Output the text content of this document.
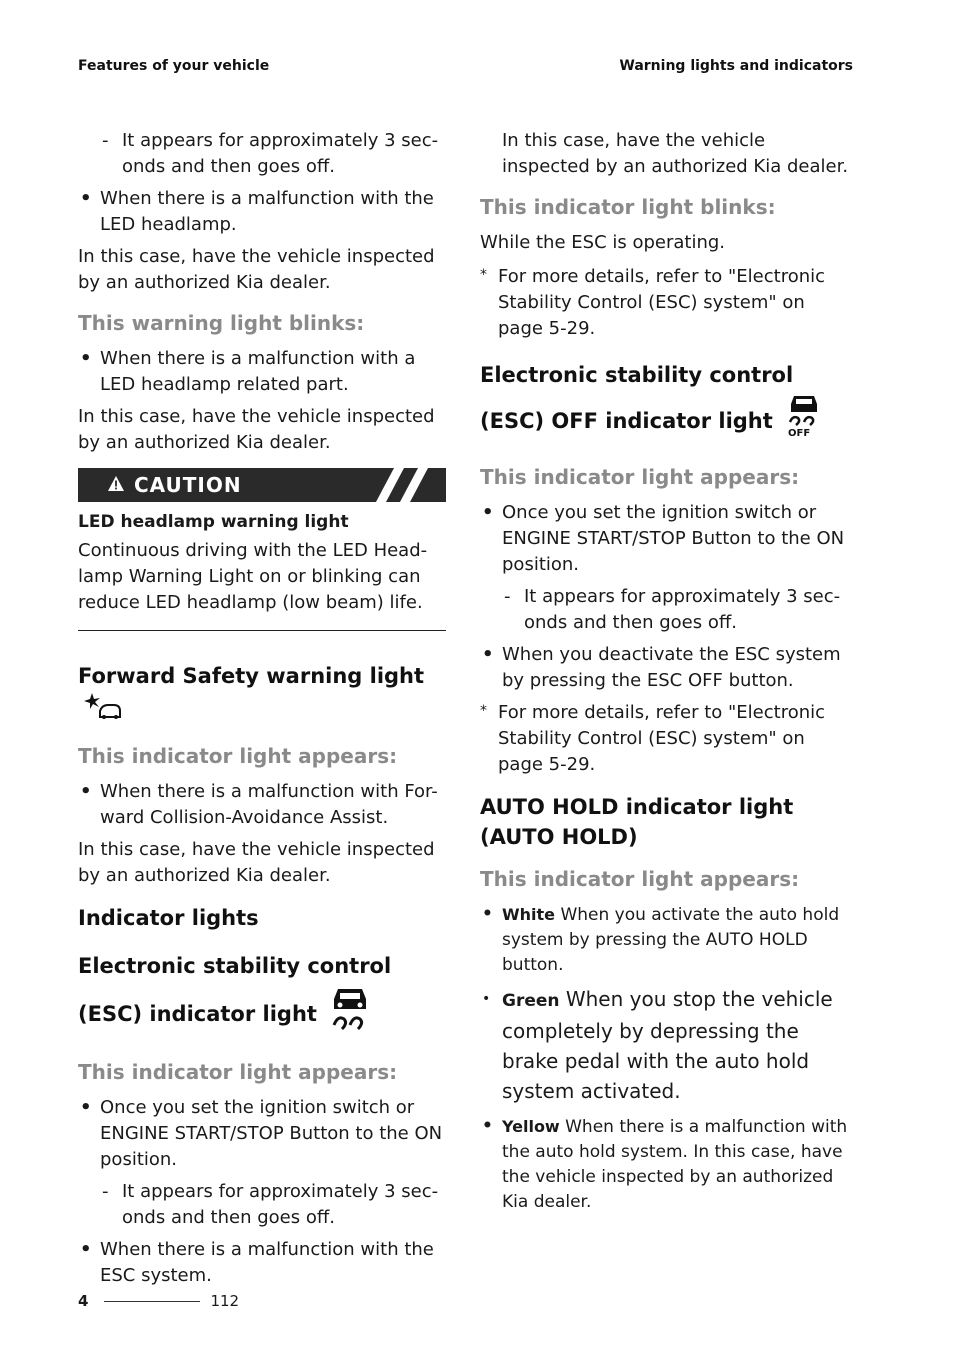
Features of your vehicle	Warning lights and indicators

- It appears for approximately 3 sec-onds and then goes off.

• When there is a malfunction with the LED headlamp.

In this case, have the vehicle inspected by an authorized Kia dealer.

This warning light blinks:

• When there is a malfunction with a LED headlamp related part.

In this case, have the vehicle inspected by an authorized Kia dealer.

CAUTION

LED headlamp warning light

Continuous driving with the LED Head-lamp Warning Light on or blinking can reduce LED headlamp (low beam) life.

Forward Safety warning light

This indicator light appears:

• When there is a malfunction with For-ward Collision-Avoidance Assist.

In this case, have the vehicle inspected by an authorized Kia dealer.

Indicator lights

Electronic stability control (ESC) indicator light

This indicator light appears:

• Once you set the ignition switch or ENGINE START/STOP Button to the ON position.

- It appears for approximately 3 sec-onds and then goes off.

• When there is a malfunction with the ESC system.

In this case, have the vehicle inspected by an authorized Kia dealer.

This indicator light blinks:

While the ESC is operating.

* For more details, refer to "Electronic Stability Control (ESC) system" on page 5-29.

Electronic stability control (ESC) OFF indicator light
OFF

This indicator light appears:

• Once you set the ignition switch or ENGINE START/STOP Button to the ON position.

- It appears for approximately 3 sec-onds and then goes off.

• When you deactivate the ESC system by pressing the ESC OFF button.

* For more details, refer to "Electronic Stability Control (ESC) system" on page 5-29.

AUTO HOLD indicator light (AUTO HOLD)

This indicator light appears:

• White When you activate the auto hold system by pressing the AUTO HOLD button.

• Green When you stop the vehicle completely by depressing the brake pedal with the auto hold system activated.

• Yellow When there is a malfunction with the auto hold system. In this case, have the vehicle inspected by an authorized Kia dealer.

4	112
